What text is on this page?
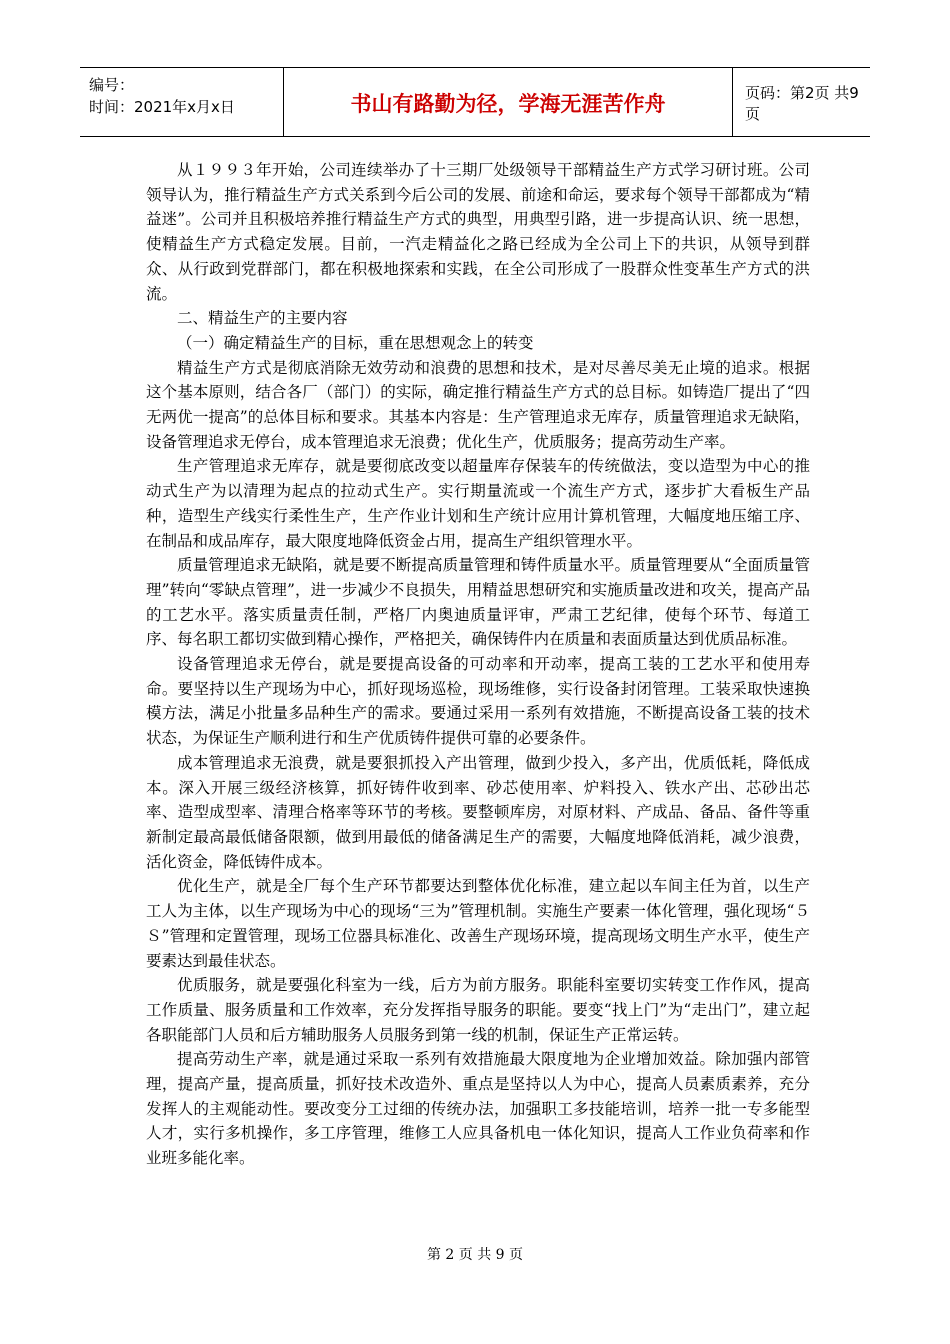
编号：
时间：2021年x月x日	书山有路勤为径，学海无涯苦作舟	页码：第2页 共9页

从１９９３年开始，公司连续举办了十三期厂处级领导干部精益生产方式学习研讨班。公司领导认为，推行精益生产方式关系到今后公司的发展、前途和命运，要求每个领导干部都成为“精益迷”。公司并且积极培养推行精益生产方式的典型，用典型引路，进一步提高认识、统一思想，使精益生产方式稳定发展。目前，一汽走精益化之路已经成为全公司上下的共识，从领导到群众、从行政到党群部门，都在积极地探索和实践，在全公司形成了一股群众性变革生产方式的洪流。

二、精益生产的主要内容

（一）确定精益生产的目标，重在思想观念上的转变

精益生产方式是彻底消除无效劳动和浪费的思想和技术，是对尽善尽美无止境的追求。根据这个基本原则，结合各厂（部门）的实际，确定推行精益生产方式的总目标。如铸造厂提出了“四无两优一提高”的总体目标和要求。其基本内容是：生产管理追求无库存，质量管理追求无缺陷，设备管理追求无停台，成本管理追求无浪费；优化生产，优质服务；提高劳动生产率。

生产管理追求无库存，就是要彻底改变以超量库存保装车的传统做法，变以造型为中心的推动式生产为以清理为起点的拉动式生产。实行期量流或一个流生产方式，逐步扩大看板生产品种，造型生产线实行柔性生产，生产作业计划和生产统计应用计算机管理，大幅度地压缩工序、在制品和成品库存，最大限度地降低资金占用，提高生产组织管理水平。

质量管理追求无缺陷，就是要不断提高质量管理和铸件质量水平。质量管理要从“全面质量管理”转向“零缺点管理”，进一步减少不良损失，用精益思想研究和实施质量改进和攻关，提高产品的工艺水平。落实质量责任制，严格厂内奥迪质量评审，严肃工艺纪律，使每个环节、每道工序、每名职工都切实做到精心操作，严格把关，确保铸件内在质量和表面质量达到优质品标准。

设备管理追求无停台，就是要提高设备的可动率和开动率，提高工装的工艺水平和使用寿命。要坚持以生产现场为中心，抓好现场巡检，现场维修，实行设备封闭管理。工装采取快速换模方法，满足小批量多品种生产的需求。要通过采用一系列有效措施，不断提高设备工装的技术状态，为保证生产顺利进行和生产优质铸件提供可靠的必要条件。

成本管理追求无浪费，就是要狠抓投入产出管理，做到少投入，多产出，优质低耗，降低成本。深入开展三级经济核算，抓好铸件收到率、砂芯使用率、炉料投入、铁水产出、芯砂出芯率、造型成型率、清理合格率等环节的考核。要整顿库房，对原材料、产成品、备品、备件等重新制定最高最低储备限额，做到用最低的储备满足生产的需要，大幅度地降低消耗，减少浪费，活化资金，降低铸件成本。

优化生产，就是全厂每个生产环节都要达到整体优化标准，建立起以车间主任为首，以生产工人为主体，以生产现场为中心的现场“三为”管理机制。实施生产要素一体化管理，强化现场“５Ｓ”管理和定置管理，现场工位器具标准化、改善生产现场环境，提高现场文明生产水平，使生产要素达到最佳状态。

优质服务，就是要强化科室为一线，后方为前方服务。职能科室要切实转变工作作风，提高工作质量、服务质量和工作效率，充分发挥指导服务的职能。要变“找上门”为“走出门”，建立起各职能部门人员和后方辅助服务人员服务到第一线的机制，保证生产正常运转。

提高劳动生产率，就是通过采取一系列有效措施最大限度地为企业增加效益。除加强内部管理，提高产量，提高质量，抓好技术改造外、重点是坚持以人为中心，提高人员素质素养，充分发挥人的主观能动性。要改变分工过细的传统办法，加强职工多技能培训，培养一批一专多能型人才，实行多机操作，多工序管理，维修工人应具备机电一体化知识，提高人工作业负荷率和作业班多能化率。

第 2 页 共 9 页
